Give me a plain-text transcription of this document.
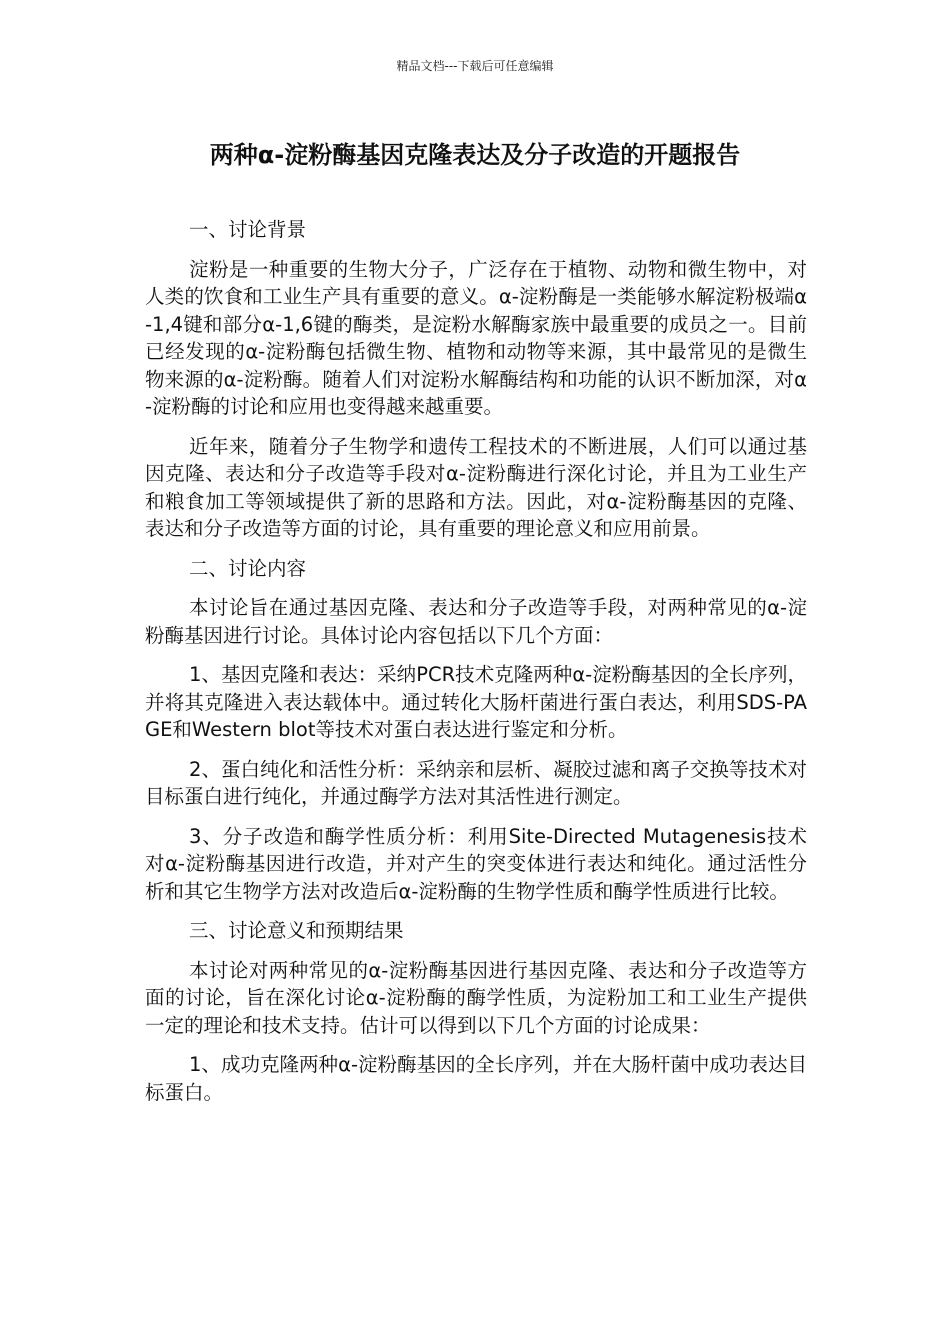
精品文档---下载后可任意编辑
两种α-淀粉酶基因克隆表达及分子改造的开题报告

一、讨论背景

淀粉是一种重要的生物大分子，广泛存在于植物、动物和微生物中，对人类的饮食和工业生产具有重要的意义。α-淀粉酶是一类能够水解淀粉极端α-1,4键和部分α-1,6键的酶类，是淀粉水解酶家族中最重要的成员之一。目前已经发现的α-淀粉酶包括微生物、植物和动物等来源，其中最常见的是微生物来源的α-淀粉酶。随着人们对淀粉水解酶结构和功能的认识不断加深，对α-淀粉酶的讨论和应用也变得越来越重要。

近年来，随着分子生物学和遗传工程技术的不断进展，人们可以通过基因克隆、表达和分子改造等手段对α-淀粉酶进行深化讨论，并且为工业生产和粮食加工等领域提供了新的思路和方法。因此，对α-淀粉酶基因的克隆、表达和分子改造等方面的讨论，具有重要的理论意义和应用前景。

二、讨论内容

本讨论旨在通过基因克隆、表达和分子改造等手段，对两种常见的α-淀粉酶基因进行讨论。具体讨论内容包括以下几个方面：

1、基因克隆和表达：采纳PCR技术克隆两种α-淀粉酶基因的全长序列，并将其克隆进入表达载体中。通过转化大肠杆菌进行蛋白表达，利用SDS-PAGE和Western blot等技术对蛋白表达进行鉴定和分析。

2、蛋白纯化和活性分析：采纳亲和层析、凝胶过滤和离子交换等技术对目标蛋白进行纯化，并通过酶学方法对其活性进行测定。

3、分子改造和酶学性质分析：利用Site-Directed Mutagenesis技术对α-淀粉酶基因进行改造，并对产生的突变体进行表达和纯化。通过活性分析和其它生物学方法对改造后α-淀粉酶的生物学性质和酶学性质进行比较。

三、讨论意义和预期结果

本讨论对两种常见的α-淀粉酶基因进行基因克隆、表达和分子改造等方面的讨论，旨在深化讨论α-淀粉酶的酶学性质，为淀粉加工和工业生产提供一定的理论和技术支持。估计可以得到以下几个方面的讨论成果：

1、成功克隆两种α-淀粉酶基因的全长序列，并在大肠杆菌中成功表达目标蛋白。
